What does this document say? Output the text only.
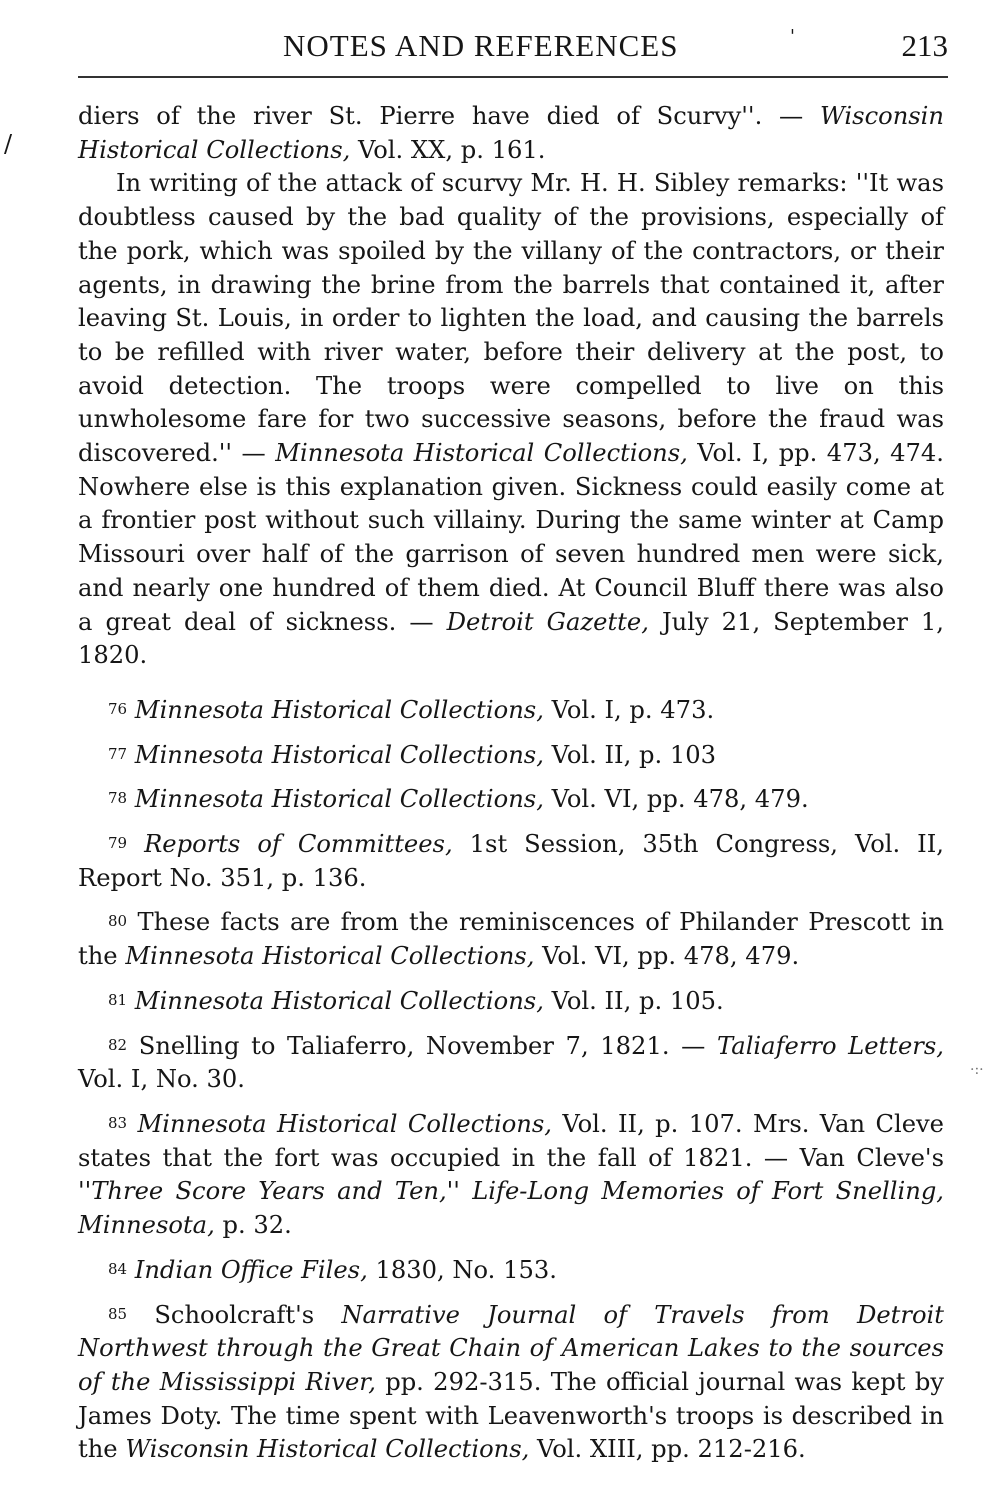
NOTES AND REFERENCES	'	213
/
·:·

diers of the river St. Pierre have died of Scurvy''. — Wisconsin Historical Collections, Vol. XX, p. 161.

In writing of the attack of scurvy Mr. H. H. Sibley remarks: ''It was doubtless caused by the bad quality of the provisions, especially of the pork, which was spoiled by the villany of the contractors, or their agents, in drawing the brine from the barrels that contained it, after leaving St. Louis, in order to lighten the load, and causing the barrels to be refilled with river water, before their delivery at the post, to avoid detection. The troops were compelled to live on this unwholesome fare for two successive seasons, before the fraud was discovered.'' — Minnesota Historical Collections, Vol. I, pp. 473, 474. Nowhere else is this explanation given. Sickness could easily come at a frontier post without such villainy. During the same winter at Camp Missouri over half of the garrison of seven hundred men were sick, and nearly one hundred of them died. At Council Bluff there was also a great deal of sickness. — Detroit Gazette, July 21, September 1, 1820.

76 Minnesota Historical Collections, Vol. I, p. 473.

77 Minnesota Historical Collections, Vol. II, p. 103

78 Minnesota Historical Collections, Vol. VI, pp. 478, 479.

79 Reports of Committees, 1st Session, 35th Congress, Vol. II, Report No. 351, p. 136.

80 These facts are from the reminiscences of Philander Prescott in the Minnesota Historical Collections, Vol. VI, pp. 478, 479.

81 Minnesota Historical Collections, Vol. II, p. 105.

82 Snelling to Taliaferro, November 7, 1821. — Taliaferro Letters, Vol. I, No. 30.

83 Minnesota Historical Collections, Vol. II, p. 107. Mrs. Van Cleve states that the fort was occupied in the fall of 1821. — Van Cleve's ''Three Score Years and Ten,'' Life-Long Memories of Fort Snelling, Minnesota, p. 32.

84 Indian Office Files, 1830, No. 153.

85 Schoolcraft's Narrative Journal of Travels from Detroit Northwest through the Great Chain of American Lakes to the sources of the Mississippi River, pp. 292-315. The official journal was kept by James Doty. The time spent with Leavenworth's troops is described in the Wisconsin Historical Collections, Vol. XIII, pp. 212-216.
